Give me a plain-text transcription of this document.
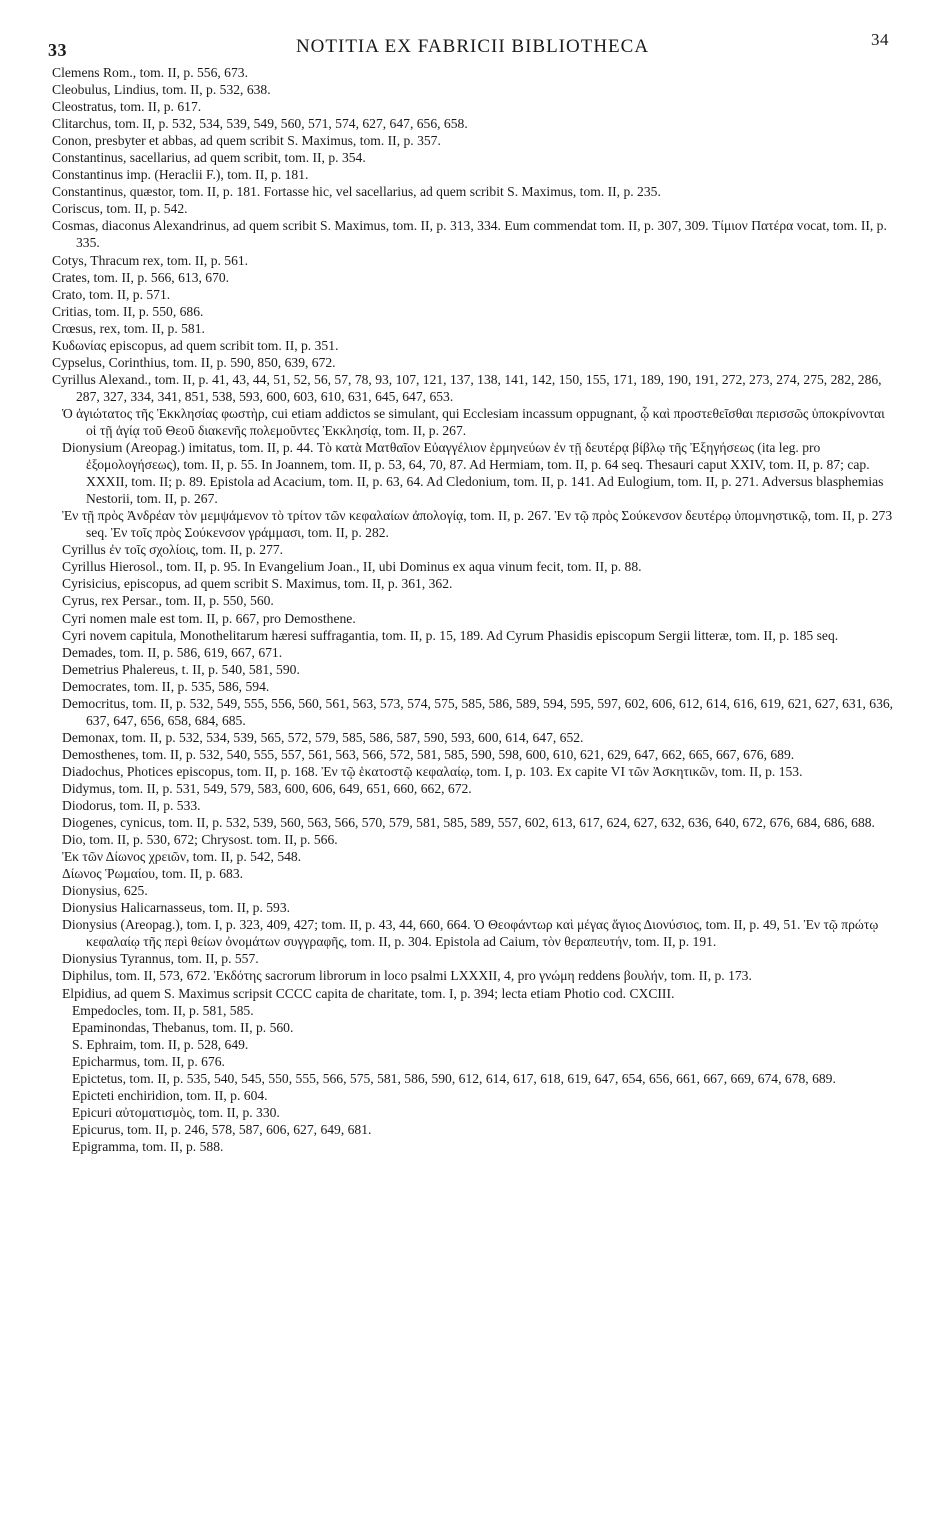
33	NOTITIA EX FABRICII BIBLIOTHECA	34
Clemens Rom., tom. II, p. 556, 673.
Cleobulus, Lindius, tom. II, p. 532, 638.
Cleostratus, tom. II, p. 617.
Clitarchus, tom. II, p. 532, 534, 539, 549, 560, 571, 574, 627, 647, 656, 658.
Conon, presbyter et abbas, ad quem scribit S. Maximus, tom. II, p. 357.
Constantinus, sacellarius, ad quem scribit, tom. II, p. 354.
Constantinus imp. (Heraclii F.), tom. II, p. 181.
Constantinus, quæstor, tom. II, p. 181. Fortasse hic, vel sacellarius, ad quem scribit S. Maximus, tom. II, p. 235.
Coriscus, tom. II, p. 542.
Cosmas, diaconus Alexandrinus, ad quem scribit S. Maximus, tom. II, p. 313, 334. Eum commendat tom. II, p. 307, 309. Τίμιον Πατέρα vocat, tom. II, p. 335.
Cotys, Thracum rex, tom. II, p. 561.
Crates, tom. II, p. 566, 613, 670.
Crato, tom. II, p. 571.
Critias, tom. II, p. 550, 686.
Crœsus, rex, tom. II, p. 581.
Κυδωνίας episcopus, ad quem scribit tom. II, p. 351.
Cypselus, Corinthius, tom. II, p. 590, 850, 639, 672.
Cyrillus Alexand., tom. II, p. 41, 43, 44, 51, 52, 56, 57, 78, 93, 107, 121, 137, 138, 141, 142, 150, 155, 171, 189, 190, 191, 272, 273, 274, 275, 282, 286, 287, 327, 334, 341, 851, 538, 593, 600, 603, 610, 631, 645, 647, 653.
Ὁ ἁγιώτατος τῆς Ἐκκλησίας φωστὴρ, cui etiam addictos se simulant, qui Ecclesiam incassum oppugnant, ᾧ καὶ προστεθεῖσθαι περισσῶς ὑποκρίνονται οἱ τῇ ἁγίᾳ τοῦ Θεοῦ διακενῆς πολεμοῦντες Ἐκκλησίᾳ, tom. II, p. 267.
Dionysium (Areopag.) imitatus, tom. II, p. 44. Τὸ κατὰ Ματθαῖον Εὐαγγέλιον ἑρμηνεύων ἐν τῇ δευτέρᾳ βίβλῳ τῆς Ἐξηγήσεως (ita leg. pro ἐξομολογήσεως), tom. II, p. 55. In Joannem, tom. II, p. 53, 64, 70, 87. Ad Hermiam, tom. II, p. 64 seq. Thesauri caput XXIV, tom. II, p. 87; cap. XXXII, tom. II; p. 89. Epistola ad Acacium, tom. II, p. 63, 64. Ad Cledonium, tom. II, p. 141. Ad Eulogium, tom. II, p. 271. Adversus blasphemias Nestorii, tom. II, p. 267.
Ἐν τῇ πρὸς Ἀνδρέαν τὸν μεμψάμενον τὸ τρίτον τῶν κεφαλαίων ἀπολογίᾳ, tom. II, p. 267. Ἐν τῷ πρὸς Σούκενσον δευτέρῳ ὑπομνηστικῷ, tom. II, p. 273 seq. Ἐν τοῖς πρὸς Σούκενσον γράμμασι, tom. II, p. 282.
Cyrillus ἐν τοῖς σχολίοις, tom. II, p. 277.
Cyrillus Hierosol., tom. II, p. 95. In Evangelium Joan., II, ubi Dominus ex aqua vinum fecit, tom. II, p. 88.
Cyrisicius, episcopus, ad quem scribit S. Maximus, tom. II, p. 361, 362.
Cyrus, rex Persar., tom. II, p. 550, 560.
Cyri nomen male est tom. II, p. 667, pro Demosthene.
Cyri novem capitula, Monothelitarum hæresi suffragantia, tom. II, p. 15, 189. Ad Cyrum Phasidis episcopum Sergii litteræ, tom. II, p. 185 seq.
Demades, tom. II, p. 586, 619, 667, 671.
Demetrius Phalereus, t. II, p. 540, 581, 590.
Democrates, tom. II, p. 535, 586, 594.
Democritus, tom. II, p. 532, 549, 555, 556, 560, 561, 563, 573, 574, 575, 585, 586, 589, 594, 595, 597, 602, 606, 612, 614, 616, 619, 621, 627, 631, 636, 637, 647, 656, 658, 684, 685.
Demonax, tom. II, p. 532, 534, 539, 565, 572, 579, 585, 586, 587, 590, 593, 600, 614, 647, 652.
Demosthenes, tom. II, p. 532, 540, 555, 557, 561, 563, 566, 572, 581, 585, 590, 598, 600, 610, 621, 629, 647, 662, 665, 667, 676, 689.
Diadochus, Photices episcopus, tom. II, p. 168. Ἐν τῷ ἑκατοστῷ κεφαλαίῳ, tom. I, p. 103. Ex capite VI τῶν Ἀσκητικῶν, tom. II, p. 153.
Didymus, tom. II, p. 531, 549, 579, 583, 600, 606, 649, 651, 660, 662, 672.
Diodorus, tom. II, p. 533.
Diogenes, cynicus, tom. II, p. 532, 539, 560, 563, 566, 570, 579, 581, 585, 589, 557, 602, 613, 617, 624, 627, 632, 636, 640, 672, 676, 684, 686, 688.
Dio, tom. II, p. 530, 672; Chrysost. tom. II, p. 566.
Ἐκ τῶν Δίωνος χρειῶν, tom. II, p. 542, 548.
Δίωνος Ῥωμαίου, tom. II, p. 683.
Dionysius, 625.
Dionysius Halicarnasseus, tom. II, p. 593.
Dionysius (Areopag.), tom. I, p. 323, 409, 427; tom. II, p. 43, 44, 660, 664. Ὁ Θεοφάντωρ καὶ μέγας ἅγιος Διονύσιος, tom. II, p. 49, 51. Ἐν τῷ πρώτῳ κεφαλαίῳ τῆς περὶ θείων ὀνομάτων συγγραφῆς, tom. II, p. 304. Epistola ad Caium, τὸν θεραπευτήν, tom. II, p. 191.
Dionysius Tyrannus, tom. II, p. 557.
Diphilus, tom. II, 573, 672. Ἐκδότης sacrorum librorum in loco psalmi LXXXII, 4, pro γνώμη reddens βουλήν, tom. II, p. 173.
Elpidius, ad quem S. Maximus scripsit CCCC capita de charitate, tom. I, p. 394; lecta etiam Photio cod. CXCIII.
Empedocles, tom. II, p. 581, 585.
Epaminondas, Thebanus, tom. II, p. 560.
S. Ephraim, tom. II, p. 528, 649.
Epicharmus, tom. II, p. 676.
Epictetus, tom. II, p. 535, 540, 545, 550, 555, 566, 575, 581, 586, 590, 612, 614, 617, 618, 619, 647, 654, 656, 661, 667, 669, 674, 678, 689.
Epicteti enchiridion, tom. II, p. 604.
Epicuri αὐτοματισμὸς, tom. II, p. 330.
Epicurus, tom. II, p. 246, 578, 587, 606, 627, 649, 681.
Epigramma, tom. II, p. 588.
